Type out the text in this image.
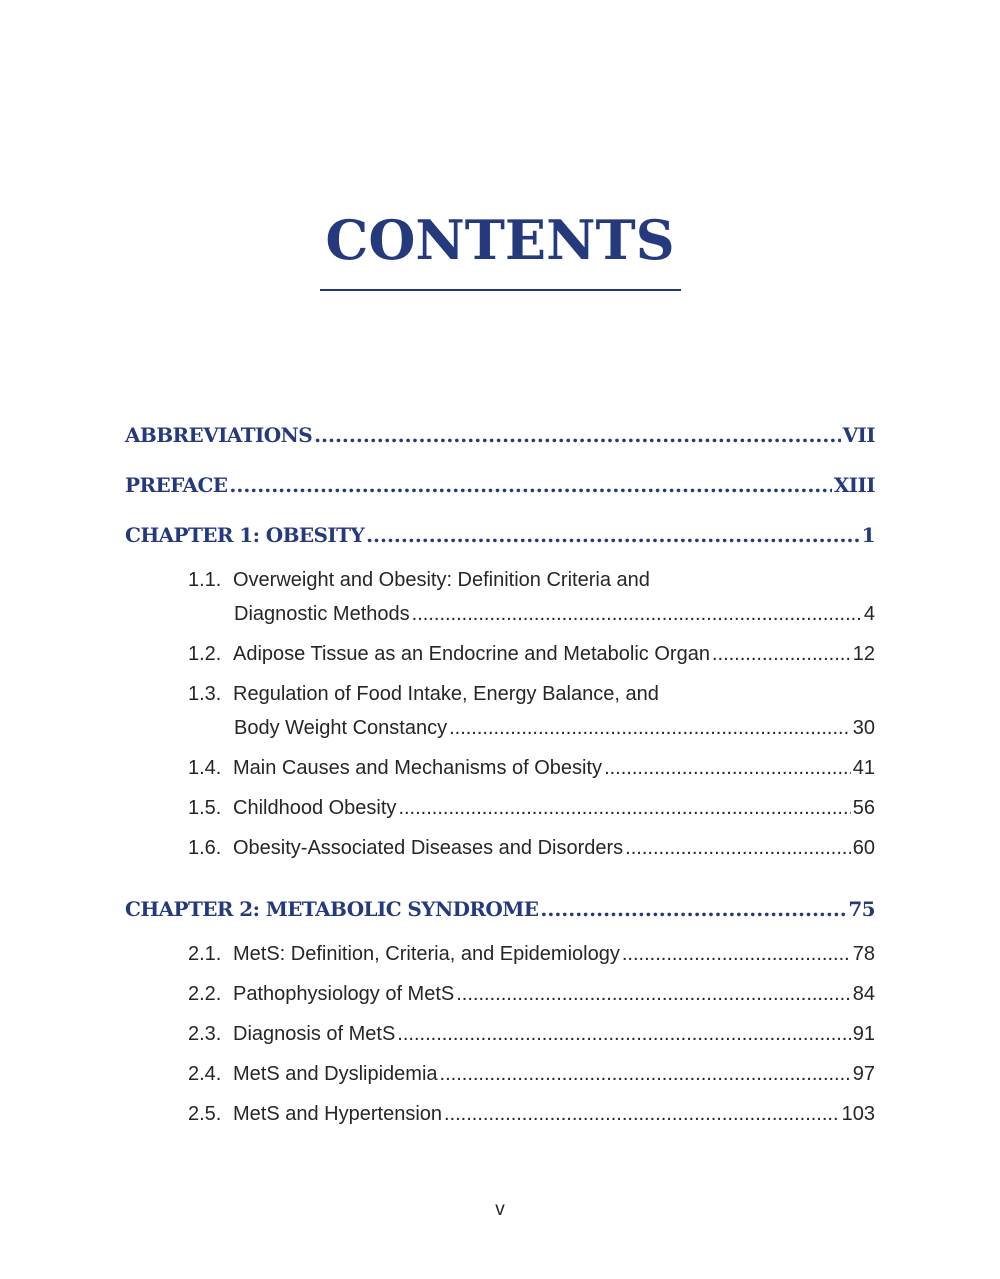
CONTENTS
ABBREVIATIONS .....	VII
PREFACE .....	XIII
CHAPTER 1: OBESITY .....	1
1.1. Overweight and Obesity: Definition Criteria and
Diagnostic Methods .....	4
1.2. Adipose Tissue as an Endocrine and Metabolic Organ .....	12
1.3. Regulation of Food Intake, Energy Balance, and
Body Weight Constancy .....	30
1.4. Main Causes and Mechanisms of Obesity .....	41
1.5. Childhood Obesity .....	56
1.6. Obesity-Associated Diseases and Disorders .....	60
CHAPTER 2: METABOLIC SYNDROME .....	75
2.1. MetS: Definition, Criteria, and Epidemiology .....	78
2.2. Pathophysiology of MetS .....	84
2.3. Diagnosis of MetS .....	91
2.4. MetS and Dyslipidemia .....	97
2.5. MetS and Hypertension .....	103
v
